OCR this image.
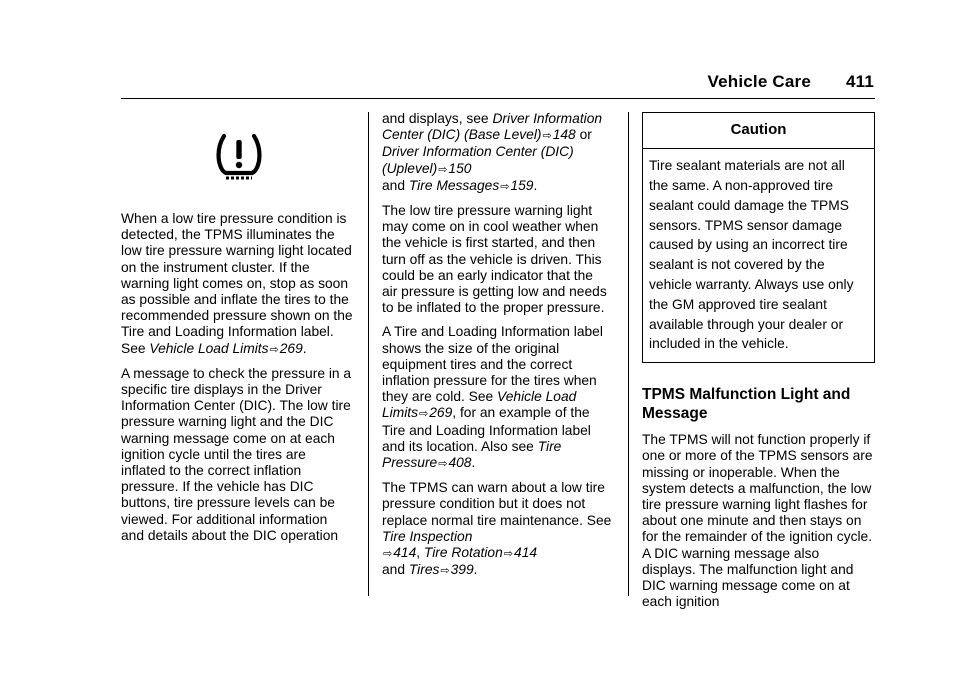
Vehicle Care 411

When a low tire pressure condition is detected, the TPMS illuminates the low tire pressure warning light located on the instrument cluster. If the warning light comes on, stop as soon as possible and inflate the tires to the recommended pressure shown on the Tire and Loading Information label. See Vehicle Load Limits⇨269.

A message to check the pressure in a specific tire displays in the Driver Information Center (DIC). The low tire pressure warning light and the DIC warning message come on at each ignition cycle until the tires are inflated to the correct inflation pressure. If the vehicle has DIC buttons, tire pressure levels can be viewed. For additional information and details about the DIC operation

and displays, see Driver Information Center (DIC) (Base Level)⇨148 or Driver Information Center (DIC) (Uplevel)⇨150
and Tire Messages⇨159.

The low tire pressure warning light may come on in cool weather when the vehicle is first started, and then turn off as the vehicle is driven. This could be an early indicator that the air pressure is getting low and needs to be inflated to the proper pressure.

A Tire and Loading Information label shows the size of the original equipment tires and the correct inflation pressure for the tires when they are cold. See Vehicle Load Limits⇨269, for an example of the Tire and Loading Information label and its location. Also see Tire Pressure⇨408.

The TPMS can warn about a low tire pressure condition but it does not replace normal tire maintenance. See Tire Inspection
⇨414, Tire Rotation⇨414
and Tires⇨399.

Caution
Tire sealant materials are not all the same. A non-approved tire sealant could damage the TPMS sensors. TPMS sensor damage caused by using an incorrect tire sealant is not covered by the vehicle warranty. Always use only the GM approved tire sealant available through your dealer or included in the vehicle.
TPMS Malfunction Light and Message

The TPMS will not function properly if one or more of the TPMS sensors are missing or inoperable. When the system detects a malfunction, the low tire pressure warning light flashes for about one minute and then stays on for the remainder of the ignition cycle. A DIC warning message also displays. The malfunction light and DIC warning message come on at each ignition
